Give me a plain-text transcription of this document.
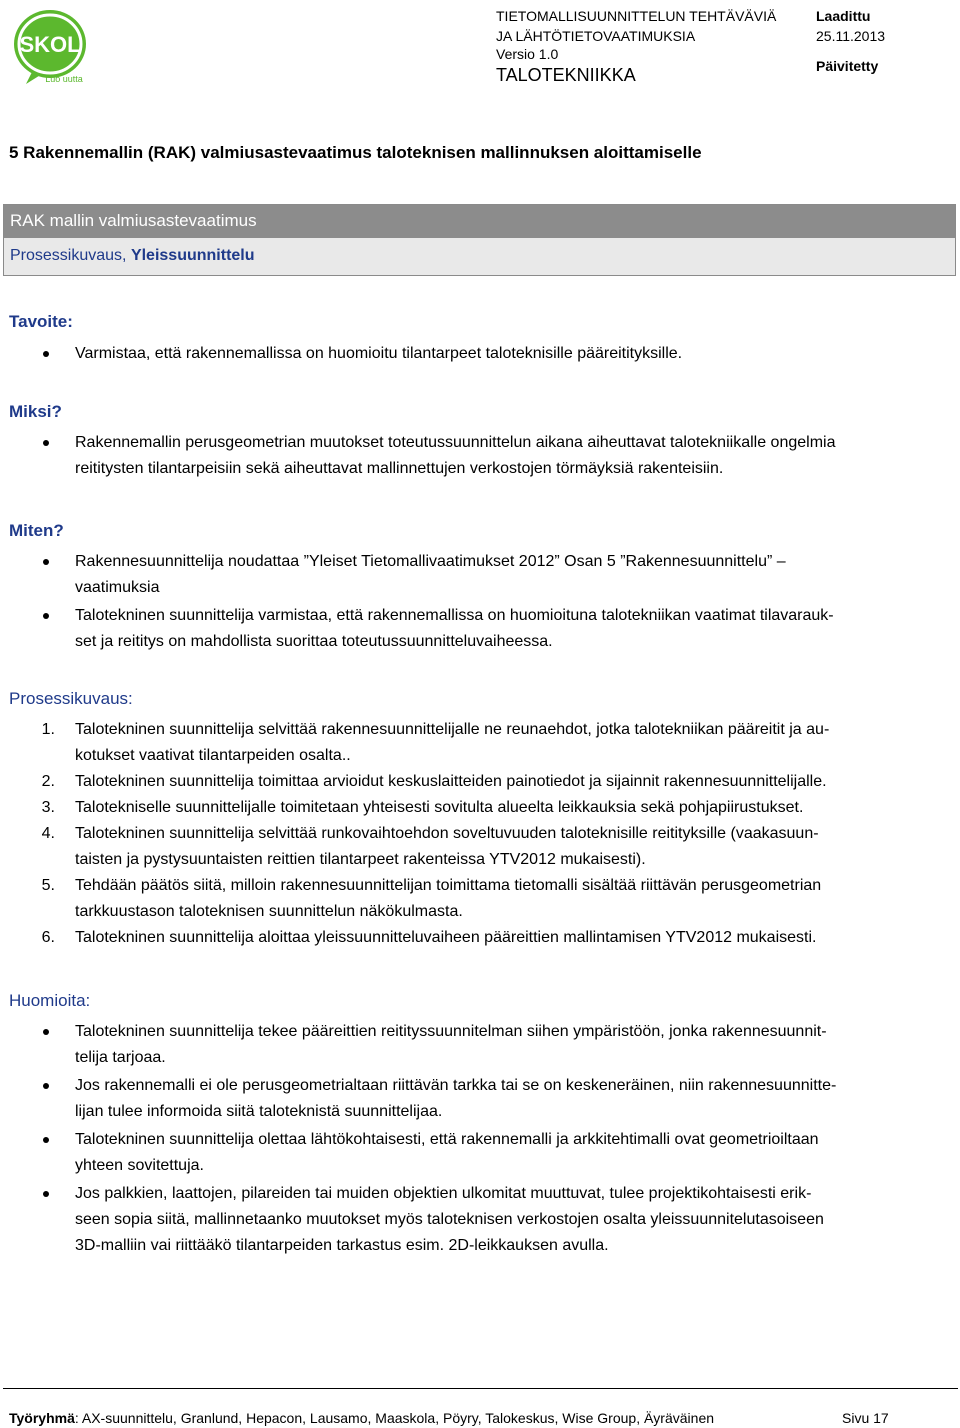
SKOL
Luo uutta
TIETOMALLISUUNNITTELUN TEHTÄVÄVIÄ
JA LÄHTÖTIETOVAATIMUKSIA
Versio 1.0
TALOTEKNIIKKA
Laadittu
25.11.2013
Päivitetty
5 Rakennemallin (RAK) valmiusastevaatimus taloteknisen mallinnuksen aloittamiselle
RAK mallin valmiusastevaatimus
Prosessikuvaus, Yleissuunnittelu
Tavoite:
Varmistaa, että rakennemallissa on huomioitu tilantarpeet taloteknisille pääreitityksille.
Miksi?
Rakennemallin perusgeometrian muutokset toteutussuunnittelun aikana aiheuttavat talotekniikalle ongelmia
reititysten tilantarpeisiin sekä aiheuttavat mallinnettujen verkostojen törmäyksiä rakenteisiin.
Miten?
Rakennesuunnittelija noudattaa ”Yleiset Tietomallivaatimukset 2012” Osan 5 ”Rakennesuunnittelu” –
vaatimuksia
Talotekninen suunnittelija varmistaa, että rakennemallissa on huomioituna talotekniikan vaatimat tilavarauk-
set ja reititys on mahdollista suorittaa toteutussuunnitteluvaiheessa.
Prosessikuvaus:
1. Talotekninen suunnittelija selvittää rakennesuunnittelijalle ne reunaehdot, jotka talotekniikan pääreitit ja au-
kotukset vaativat tilantarpeiden osalta..
2. Talotekninen suunnittelija toimittaa arvioidut keskuslaitteiden painotiedot ja sijainnit rakennesuunnittelijalle.
3. Talotekniselle suunnittelijalle toimitetaan yhteisesti sovitulta alueelta leikkauksia sekä pohjapiirustukset.
4. Talotekninen suunnittelija selvittää runkovaihtoehdon soveltuvuuden taloteknisille reitityksille (vaakasuun-
taisten ja pystysuuntaisten reittien tilantarpeet rakenteissa YTV2012 mukaisesti).
5. Tehdään päätös siitä, milloin rakennesuunnittelijan toimittama tietomalli sisältää riittävän perusgeometrian
tarkkuustason taloteknisen suunnittelun näkökulmasta.
6. Talotekninen suunnittelija aloittaa yleissuunnitteluvaiheen pääreittien mallintamisen YTV2012 mukaisesti.
Huomioita:
Talotekninen suunnittelija tekee pääreittien reitityssuunnitelman siihen ympäristöön, jonka rakennesuunnit-
telija tarjoaa.
Jos rakennemalli ei ole perusgeometrialtaan riittävän tarkka tai se on keskeneräinen, niin rakennesuunnitte-
lijan tulee informoida siitä taloteknistä suunnittelijaa.
Talotekninen suunnittelija olettaa lähtökohtaisesti, että rakennemalli ja arkkitehtimalli ovat geometrioiltaan
yhteen sovitettuja.
Jos palkkien, laattojen, pilareiden tai muiden objektien ulkomitat muuttuvat, tulee projektikohtaisesti erik-
seen sopia siitä, mallinnetaanko muutokset myös taloteknisen verkostojen osalta yleissuunnitelutasoiseen
3D-malliin vai riittääkö tilantarpeiden tarkastus esim. 2D-leikkauksen avulla.
Työryhmä: AX-suunnittelu, Granlund, Hepacon, Lausamo, Maaskola, Pöyry, Talokeskus, Wise Group, Äyräväinen	Sivu 17
